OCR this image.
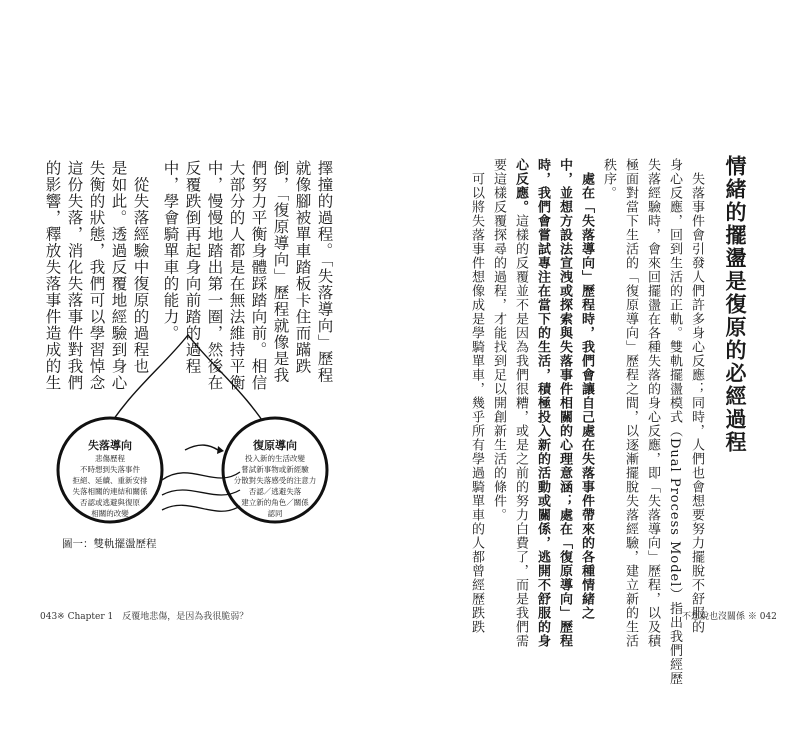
擇撞的過程。「失落導向」歷程
就像腳被單車踏板卡住而蹣跌
倒，「復原導向」歷程就像是我
們努力平衡身體踩踏向前。相信
大部分的人都是在無法維持平衡
中，慢慢地踏出第一圈，然後在
反覆跌倒再起身向前踏的過程
中，學會騎單車的能力。
　從失落經驗中復原的過程也
是如此。透過反覆地經驗到身心
失衡的狀態，我們可以學習悼念
這份失落，消化失落事件對我們
的影響，釋放失落事件造成的生
失落導向
悲傷歷程
不時想到失落事件
拒絕、延續、重新安排
失落相關的連結和關係
否認或逃避與復原
相關的改變
復原導向
投入新的生活改變
嘗試新事物或新經驗
分散對失落感受的注意力
否認／逃避失落
建立新的角色／關係
認同
圖一：雙軌擺盪歷程
043※ Chapter 1　反覆地悲傷，是因為我很脆弱？
情緒的擺盪是復原的必經過程
　失落事件會引發人們許多身心反應；同時，人們也會想要努力擺脫不舒服的
身心反應，回到生活的正軌。雙軌擺盪模式（Dual Process Model）指出我們經歷
失落經驗時，會來回擺盪在各種失落的身心反應，即「失落導向」歷程，以及積
極面對當下生活的「復原導向」歷程之間，以逐漸擺脫失落經驗，建立新的生活
秩序。
　處在「失落導向」歷程時，我們會讓自己處在失落事件帶來的各種情緒之
中，並想方設法宣洩或探索與失落事件相關的心理意涵；處在「復原導向」歷程
時，我們會嘗試專注在當下的生活，積極投入新的活動或關係，逃開不舒服的身
心反應。這樣的反覆並不是因為我們很糟，或是之前的努力白費了，而是我們需
要這樣反覆探尋的過程，才能找到足以開創新生活的條件。
　可以將失落事件想像成是學騎單車，幾乎所有學過騎單車的人都曾經歷跌跌	不想說也沒關係 ※ 042
